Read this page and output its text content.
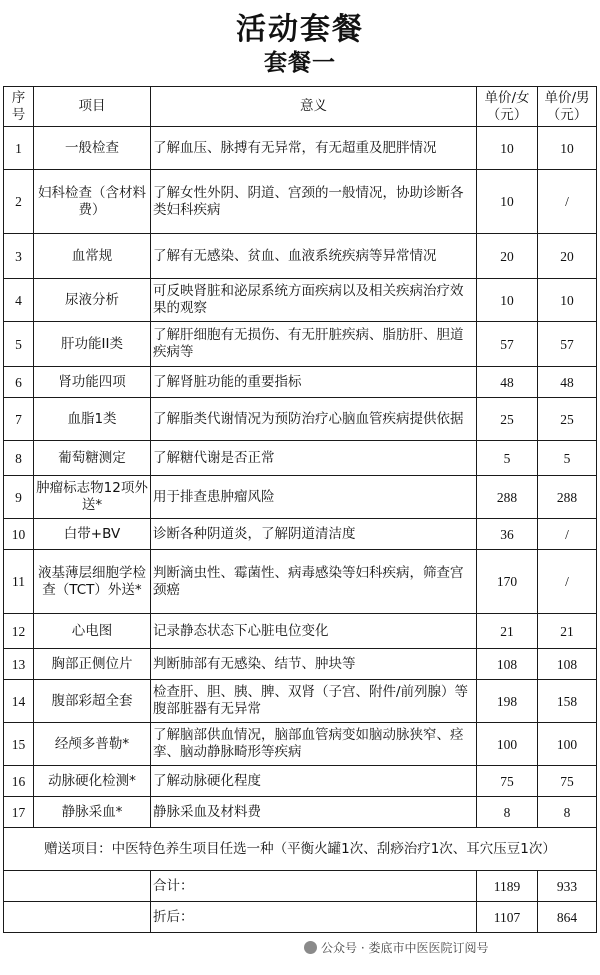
活动套餐
套餐一
序号	项目	意义	单价/女（元）	单价/男（元）
1	一般检查	了解血压、脉搏有无异常，有无超重及肥胖情况	10	10
2	妇科检查（含材料费）	了解女性外阴、阴道、宫颈的一般情况，协助诊断各类妇科疾病	10	/
3	血常规	了解有无感染、贫血、血液系统疾病等异常情况	20	20
4	尿液分析	可反映肾脏和泌尿系统方面疾病以及相关疾病治疗效果的观察	10	10
5	肝功能II类	了解肝细胞有无损伤、有无肝脏疾病、脂肪肝、胆道疾病等	57	57
6	肾功能四项	了解肾脏功能的重要指标	48	48
7	血脂1类	了解脂类代谢情况为预防治疗心脑血管疾病提供依据	25	25
8	葡萄糖测定	了解糖代谢是否正常	5	5
9	肿瘤标志物12项外送*	用于排查患肿瘤风险	288	288
10	白带+BV	诊断各种阴道炎，了解阴道清洁度	36	/
11	液基薄层细胞学检查（TCT）外送*	判断滴虫性、霉菌性、病毒感染等妇科疾病，筛查宫颈癌	170	/
12	心电图	记录静态状态下心脏电位变化	21	21
13	胸部正侧位片	判断肺部有无感染、结节、肿块等	108	108
14	腹部彩超全套	检查肝、胆、胰、脾、双肾（子宫、附件/前列腺）等腹部脏器有无异常	198	158
15	经颅多普勒*	了解脑部供血情况，脑部血管病变如脑动脉狭窄、痉挛、脑动静脉畸形等疾病	100	100
16	动脉硬化检测*	了解动脉硬化程度	75	75
17	静脉采血*	静脉采血及材料费	8	8
赠送项目：中医特色养生项目任选一种（平衡火罐1次、刮痧治疗1次、耳穴压豆1次）				
		合计：	1189	933
		折后：	1107	864
公众号 · 娄底市中医医院订阅号
